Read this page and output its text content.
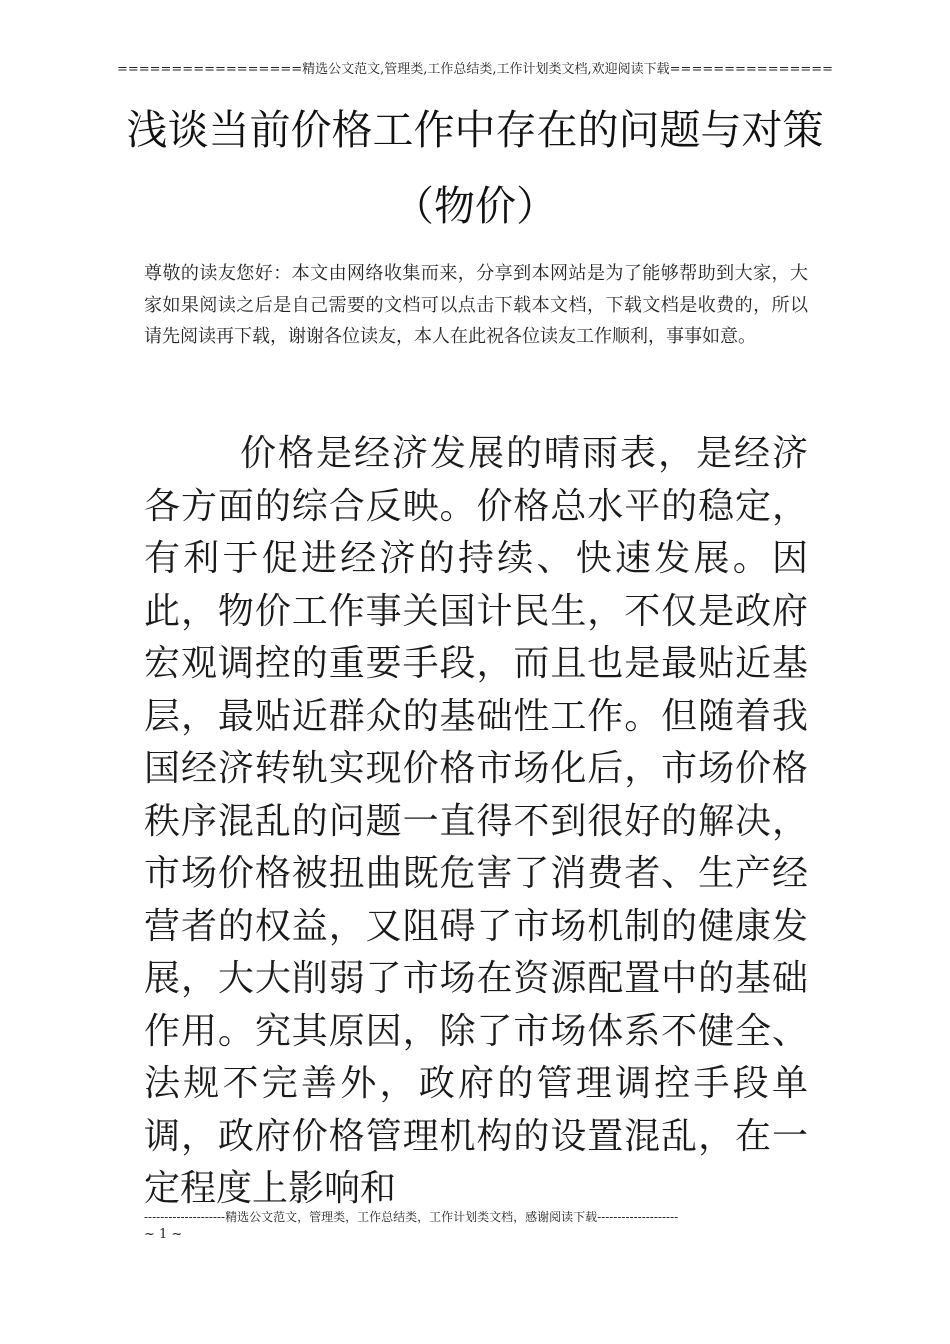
=================精选公文范文,管理类,工作总结类,工作计划类文档,欢迎阅读下载===============
浅谈当前价格工作中存在的问题与对策（物价）
尊敬的读友您好：本文由网络收集而来，分享到本网站是为了能够帮助到大家，大家如果阅读之后是自己需要的文档可以点击下载本文档，下载文档是收费的，所以请先阅读再下载，谢谢各位读友，本人在此祝各位读友工作顺利，事事如意。
价格是经济发展的晴雨表，是经济各方面的综合反映。价格总水平的稳定，有利于促进经济的持续、快速发展。因此，物价工作事关国计民生，不仅是政府宏观调控的重要手段，而且也是最贴近基层，最贴近群众的基础性工作。但随着我国经济转轨实现价格市场化后，市场价格秩序混乱的问题一直得不到很好的解决，市场价格被扭曲既危害了消费者、生产经营者的权益，又阻碍了市场机制的健康发展，大大削弱了市场在资源配置中的基础作用。究其原因，除了市场体系不健全、法规不完善外，政府的管理调控手段单调，政府价格管理机构的设置混乱，在一定程度上影响和
--------------------精选公文范文，管理类，工作总结类，工作计划类文档，感谢阅读下载--------------------
~ 1 ~
